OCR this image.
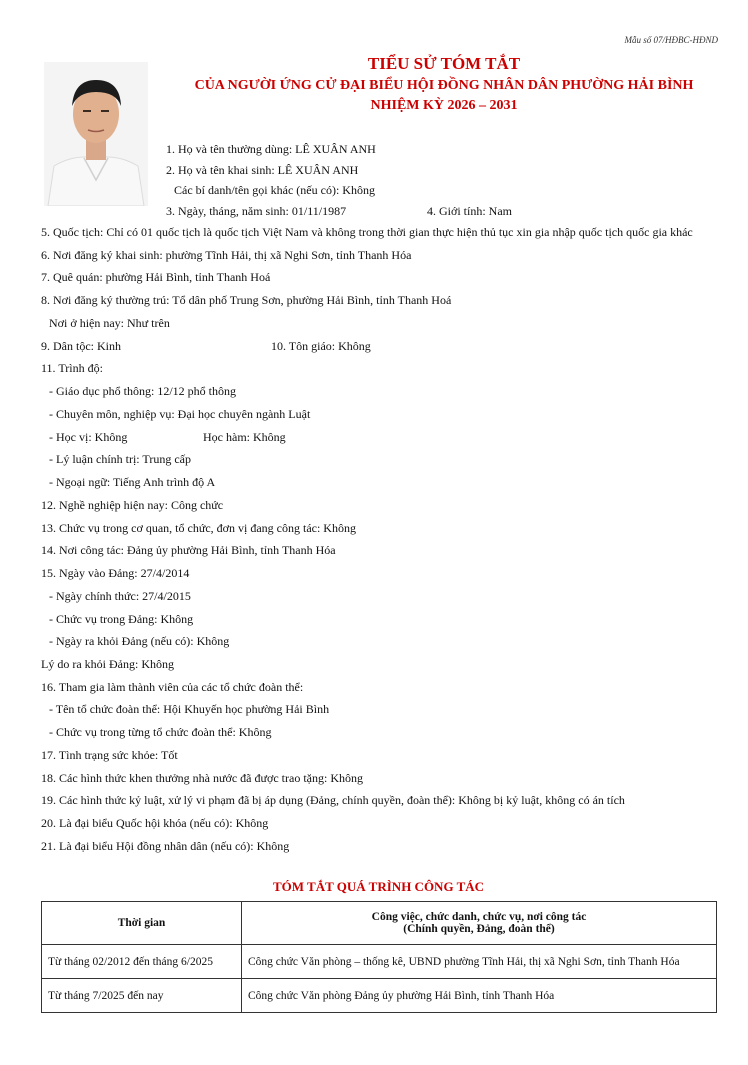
Mẫu số 07/HĐBC-HĐND
TIỂU SỬ TÓM TẮT
CỦA NGƯỜI ỨNG CỬ ĐẠI BIỂU HỘI ĐỒNG NHÂN DÂN PHƯỜNG HẢI BÌNH
NHIỆM KỲ 2026 – 2031
1. Họ và tên thường dùng: LÊ XUÂN ANH
2. Họ và tên khai sinh: LÊ XUÂN ANH
Các bí danh/tên gọi khác (nếu có): Không
3. Ngày, tháng, năm sinh: 01/11/1987	4. Giới tính: Nam
5. Quốc tịch: Chỉ có 01 quốc tịch là quốc tịch Việt Nam và không trong thời gian thực hiện thủ tục xin gia nhập quốc tịch quốc gia khác
6. Nơi đăng ký khai sinh: phường Tĩnh Hải, thị xã Nghi Sơn, tỉnh Thanh Hóa
7. Quê quán: phường Hải Bình, tỉnh Thanh Hoá
8. Nơi đăng ký thường trú: Tổ dân phố Trung Sơn, phường Hải Bình, tỉnh Thanh Hoá
Nơi ở hiện nay: Như trên
9. Dân tộc: Kinh	10. Tôn giáo: Không
11. Trình độ:
- Giáo dục phổ thông: 12/12 phổ thông
- Chuyên môn, nghiệp vụ: Đại học chuyên ngành Luật
- Học vị: Không	Học hàm: Không
- Lý luận chính trị: Trung cấp
- Ngoại ngữ: Tiếng Anh trình độ A
12. Nghề nghiệp hiện nay: Công chức
13. Chức vụ trong cơ quan, tổ chức, đơn vị đang công tác: Không
14. Nơi công tác: Đảng ủy phường Hải Bình, tỉnh Thanh Hóa
15. Ngày vào Đảng: 27/4/2014
- Ngày chính thức: 27/4/2015
- Chức vụ trong Đảng: Không
- Ngày ra khỏi Đảng (nếu có): Không
Lý do ra khỏi Đảng: Không
16. Tham gia làm thành viên của các tổ chức đoàn thể:
- Tên tổ chức đoàn thể: Hội Khuyến học phường Hải Bình
- Chức vụ trong từng tổ chức đoàn thể: Không
17. Tình trạng sức khỏe: Tốt
18. Các hình thức khen thưởng nhà nước đã được trao tặng: Không
19. Các hình thức kỷ luật, xử lý vi phạm đã bị áp dụng (Đảng, chính quyền, đoàn thể): Không bị kỷ luật, không có án tích
20. Là đại biểu Quốc hội khóa (nếu có): Không
21. Là đại biểu Hội đồng nhân dân (nếu có): Không
TÓM TẮT QUÁ TRÌNH CÔNG TÁC
Thời gian	Công việc, chức danh, chức vụ, nơi công tác
(Chính quyền, Đảng, đoàn thể)

Từ tháng 02/2012 đến tháng 6/2025	Công chức Văn phòng – thống kê, UBND phường Tĩnh Hải, thị xã Nghi Sơn, tỉnh Thanh Hóa
Từ tháng 7/2025 đến nay	Công chức Văn phòng Đảng ủy phường Hải Bình, tỉnh Thanh Hóa
